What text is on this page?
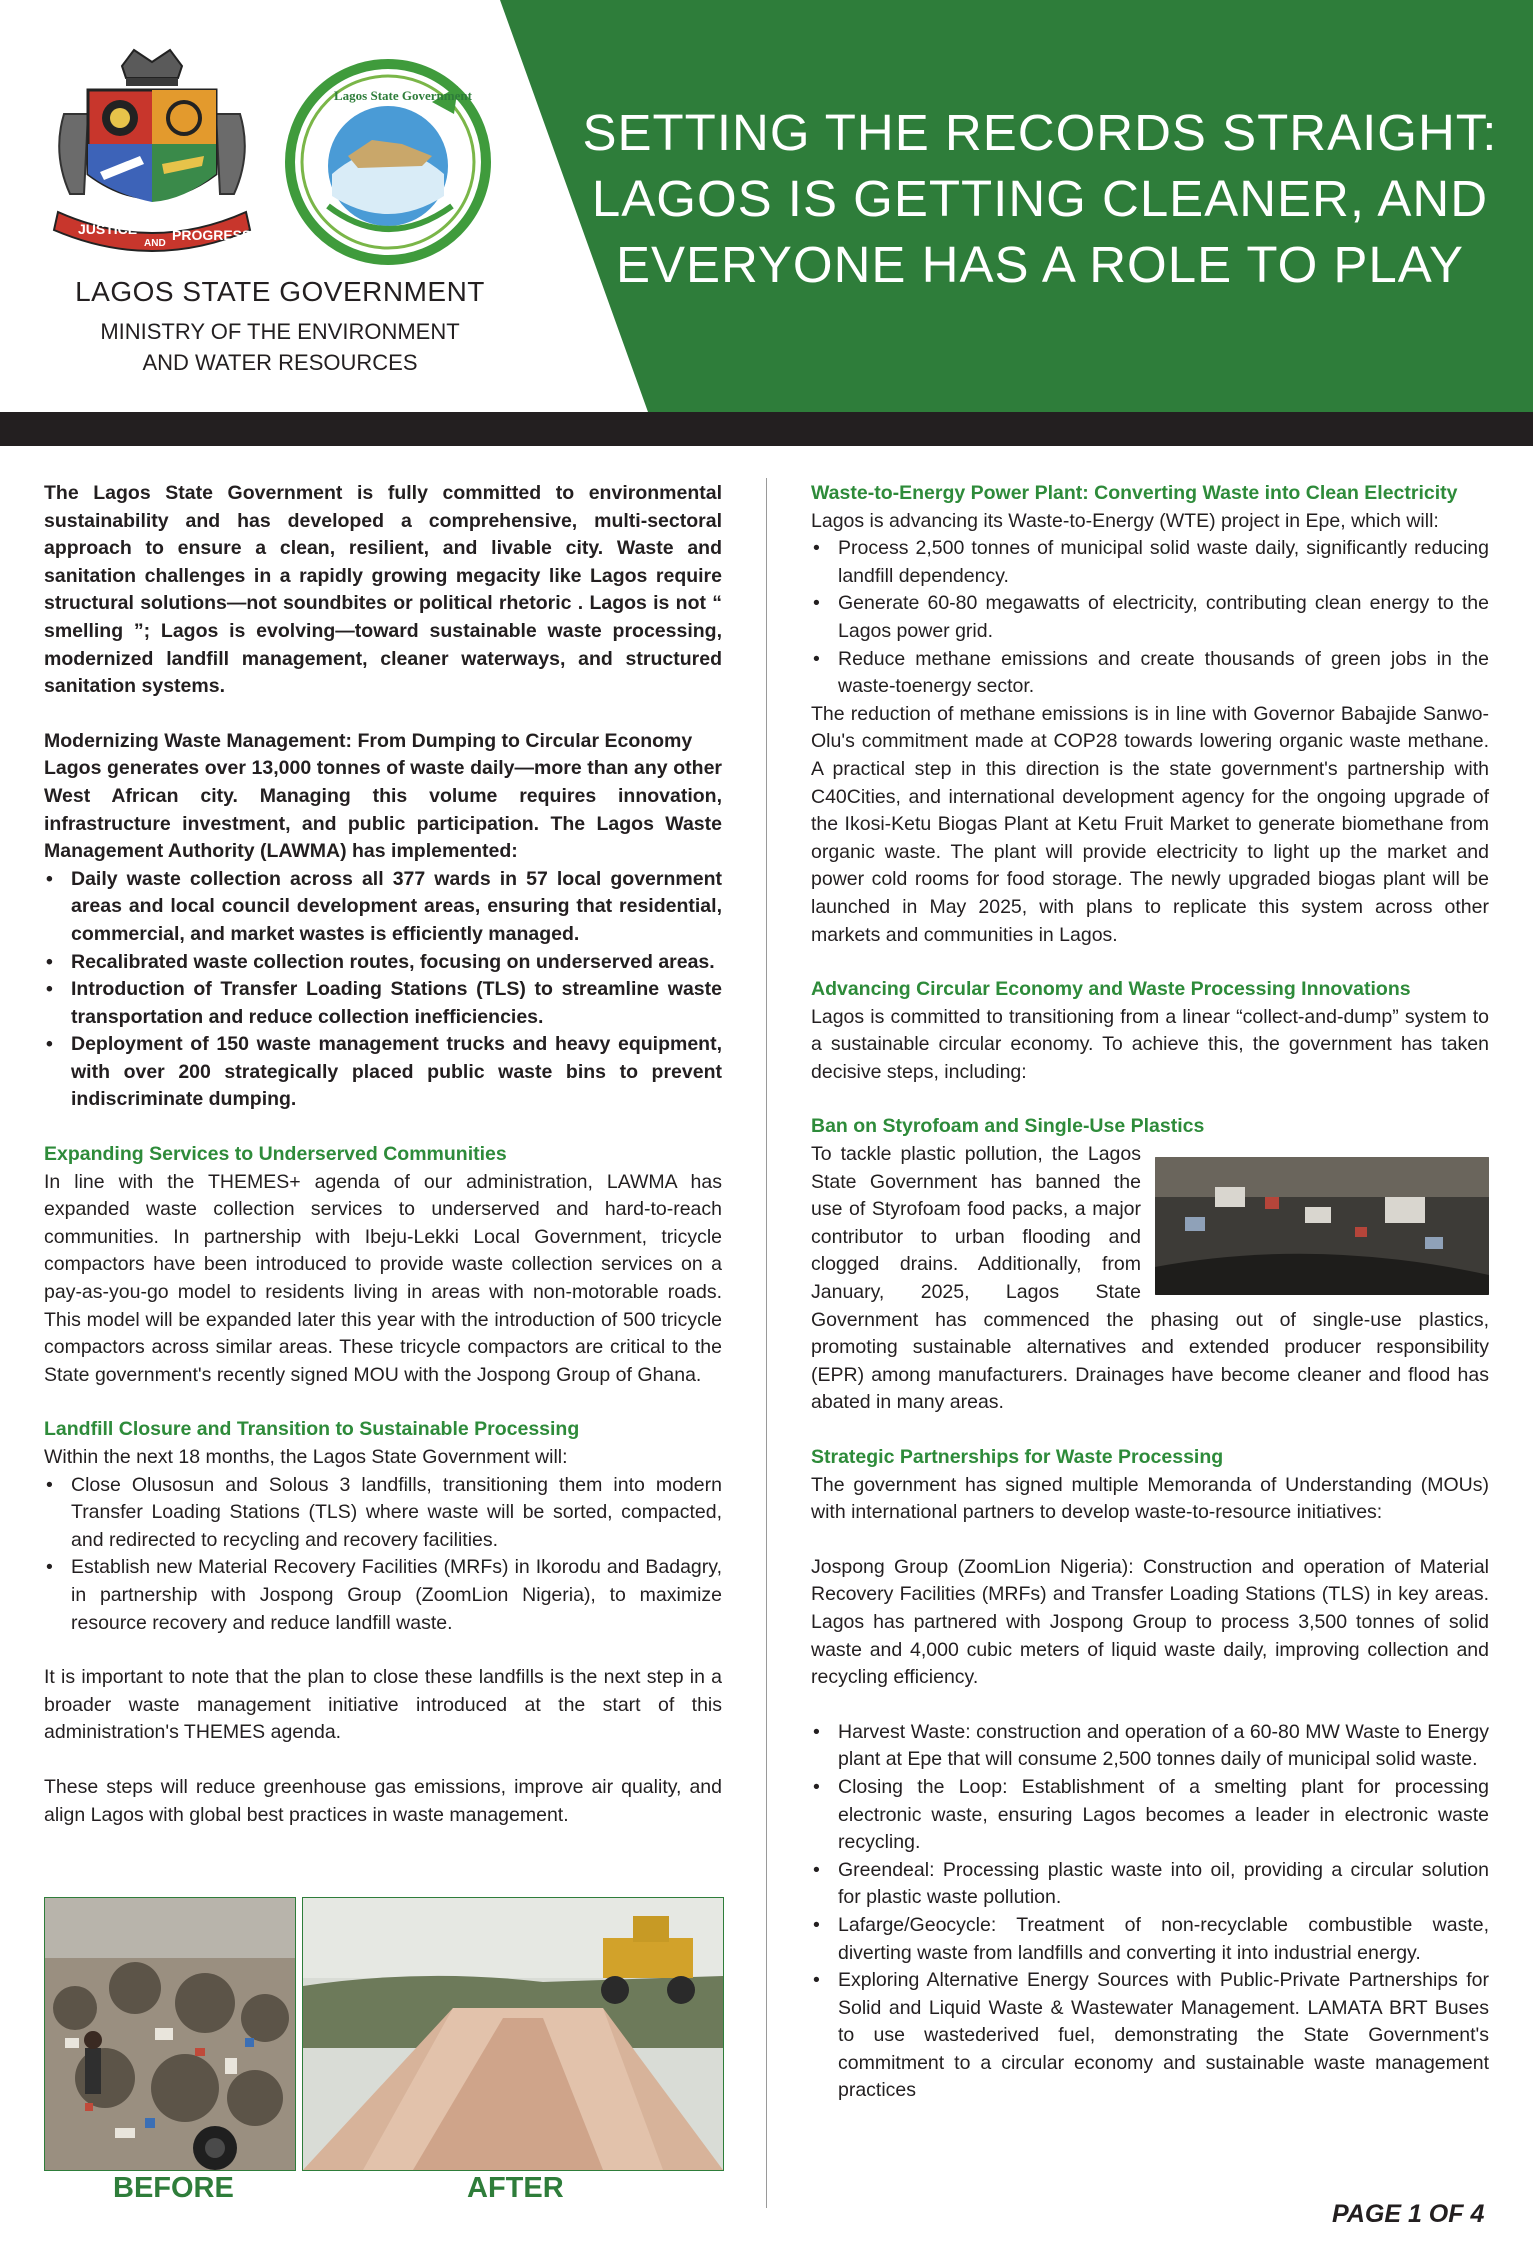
JUSTICE
AND
PROGRESS
Lagos State Government
LAGOS STATE GOVERNMENT
MINISTRY OF THE ENVIRONMENT
AND WATER RESOURCES
SETTING THE RECORDS STRAIGHT:
LAGOS IS GETTING CLEANER, AND
EVERYONE HAS A ROLE TO PLAY

The Lagos State Government is fully committed to environmental sustainability and has developed a comprehensive, multi-sectoral approach to ensure a clean, resilient, and livable city. Waste and sanitation challenges in a rapidly growing megacity like Lagos require structural solutions—not soundbites or political rhetoric . Lagos is not “ smelling ”; Lagos is evolving—toward sustainable waste processing, modernized landfill management, cleaner waterways, and structured sanitation systems.

Modernizing Waste Management: From Dumping to Circular Economy

Lagos generates over 13,000 tonnes of waste daily—more than any other West African city. Managing this volume requires innovation, infrastructure investment, and public participation. The Lagos Waste Management Authority (LAWMA) has implemented:

• Daily waste collection across all 377 wards in 57 local government areas and local council development areas, ensuring that residential, commercial, and market wastes is efficiently managed.
• Recalibrated waste collection routes, focusing on underserved areas.
• Introduction of Transfer Loading Stations (TLS) to streamline waste transportation and reduce collection inefficiencies.
• Deployment of 150 waste management trucks and heavy equipment, with over 200 strategically placed public waste bins to prevent indiscriminate dumping.

Expanding Services to Underserved Communities

In line with the THEMES+ agenda of our administration, LAWMA has expanded waste collection services to underserved and hard-to-reach communities. In partnership with Ibeju-Lekki Local Government, tricycle compactors have been introduced to provide waste collection services on a pay-as-you-go model to residents living in areas with non-motorable roads. This model will be expanded later this year with the introduction of 500 tricycle compactors across similar areas. These tricycle compactors are critical to the State government's recently signed MOU with the Jospong Group of Ghana.

Landfill Closure and Transition to Sustainable Processing

Within the next 18 months, the Lagos State Government will:

• Close Olusosun and Solous 3 landfills, transitioning them into modern Transfer Loading Stations (TLS) where waste will be sorted, compacted, and redirected to recycling and recovery facilities.
• Establish new Material Recovery Facilities (MRFs) in Ikorodu and Badagry, in partnership with Jospong Group (ZoomLion Nigeria), to maximize resource recovery and reduce landfill waste.

It is important to note that the plan to close these landfills is the next step in a broader waste management initiative introduced at the start of this administration's THEMES agenda.

These steps will reduce greenhouse gas emissions, improve air quality, and align Lagos with global best practices in waste management.

BEFORE	AFTER

Waste-to-Energy Power Plant: Converting Waste into Clean Electricity

Lagos is advancing its Waste-to-Energy (WTE) project in Epe, which will:

• Process 2,500 tonnes of municipal solid waste daily, significantly reducing landfill dependency.
• Generate 60-80 megawatts of electricity, contributing clean energy to the Lagos power grid.
• Reduce methane emissions and create thousands of green jobs in the waste-toenergy sector.

The reduction of methane emissions is in line with Governor Babajide Sanwo-Olu's commitment made at COP28 towards lowering organic waste methane. A practical step in this direction is the state government's partnership with C40Cities, and international development agency for the ongoing upgrade of the Ikosi-Ketu Biogas Plant at Ketu Fruit Market to generate biomethane from organic waste. The plant will provide electricity to light up the market and power cold rooms for food storage. The newly upgraded biogas plant will be launched in May 2025, with plans to replicate this system across other markets and communities in Lagos.

Advancing Circular Economy and Waste Processing Innovations

Lagos is committed to transitioning from a linear “collect-and-dump” system to a sustainable circular economy. To achieve this, the government has taken decisive steps, including:

Ban on Styrofoam and Single-Use Plastics

To tackle plastic pollution, the Lagos State Government has banned the use of Styrofoam food packs, a major contributor to urban flooding and clogged drains. Additionally, from January, 2025, Lagos State Government has commenced the phasing out of single-use plastics, promoting sustainable alternatives and extended producer responsibility (EPR) among manufacturers. Drainages have become cleaner and flood has abated in many areas.

Strategic Partnerships for Waste Processing

The government has signed multiple Memoranda of Understanding (MOUs) with international partners to develop waste-to-resource initiatives:

Jospong Group (ZoomLion Nigeria): Construction and operation of Material Recovery Facilities (MRFs) and Transfer Loading Stations (TLS) in key areas. Lagos has partnered with Jospong Group to process 3,500 tonnes of solid waste and 4,000 cubic meters of liquid waste daily, improving collection and recycling efficiency.

• Harvest Waste: construction and operation of a 60-80 MW Waste to Energy plant at Epe that will consume 2,500 tonnes daily of municipal solid waste.
• Closing the Loop: Establishment of a smelting plant for processing electronic waste, ensuring Lagos becomes a leader in electronic waste recycling.
• Greendeal: Processing plastic waste into oil, providing a circular solution for plastic waste pollution.
• Lafarge/Geocycle: Treatment of non-recyclable combustible waste, diverting waste from landfills and converting it into industrial energy.
• Exploring Alternative Energy Sources with Public-Private Partnerships for Solid and Liquid Waste & Wastewater Management. LAMATA BRT Buses to use wastederived fuel, demonstrating the State Government's commitment to a circular economy and sustainable waste management practices
PAGE 1 OF 4
